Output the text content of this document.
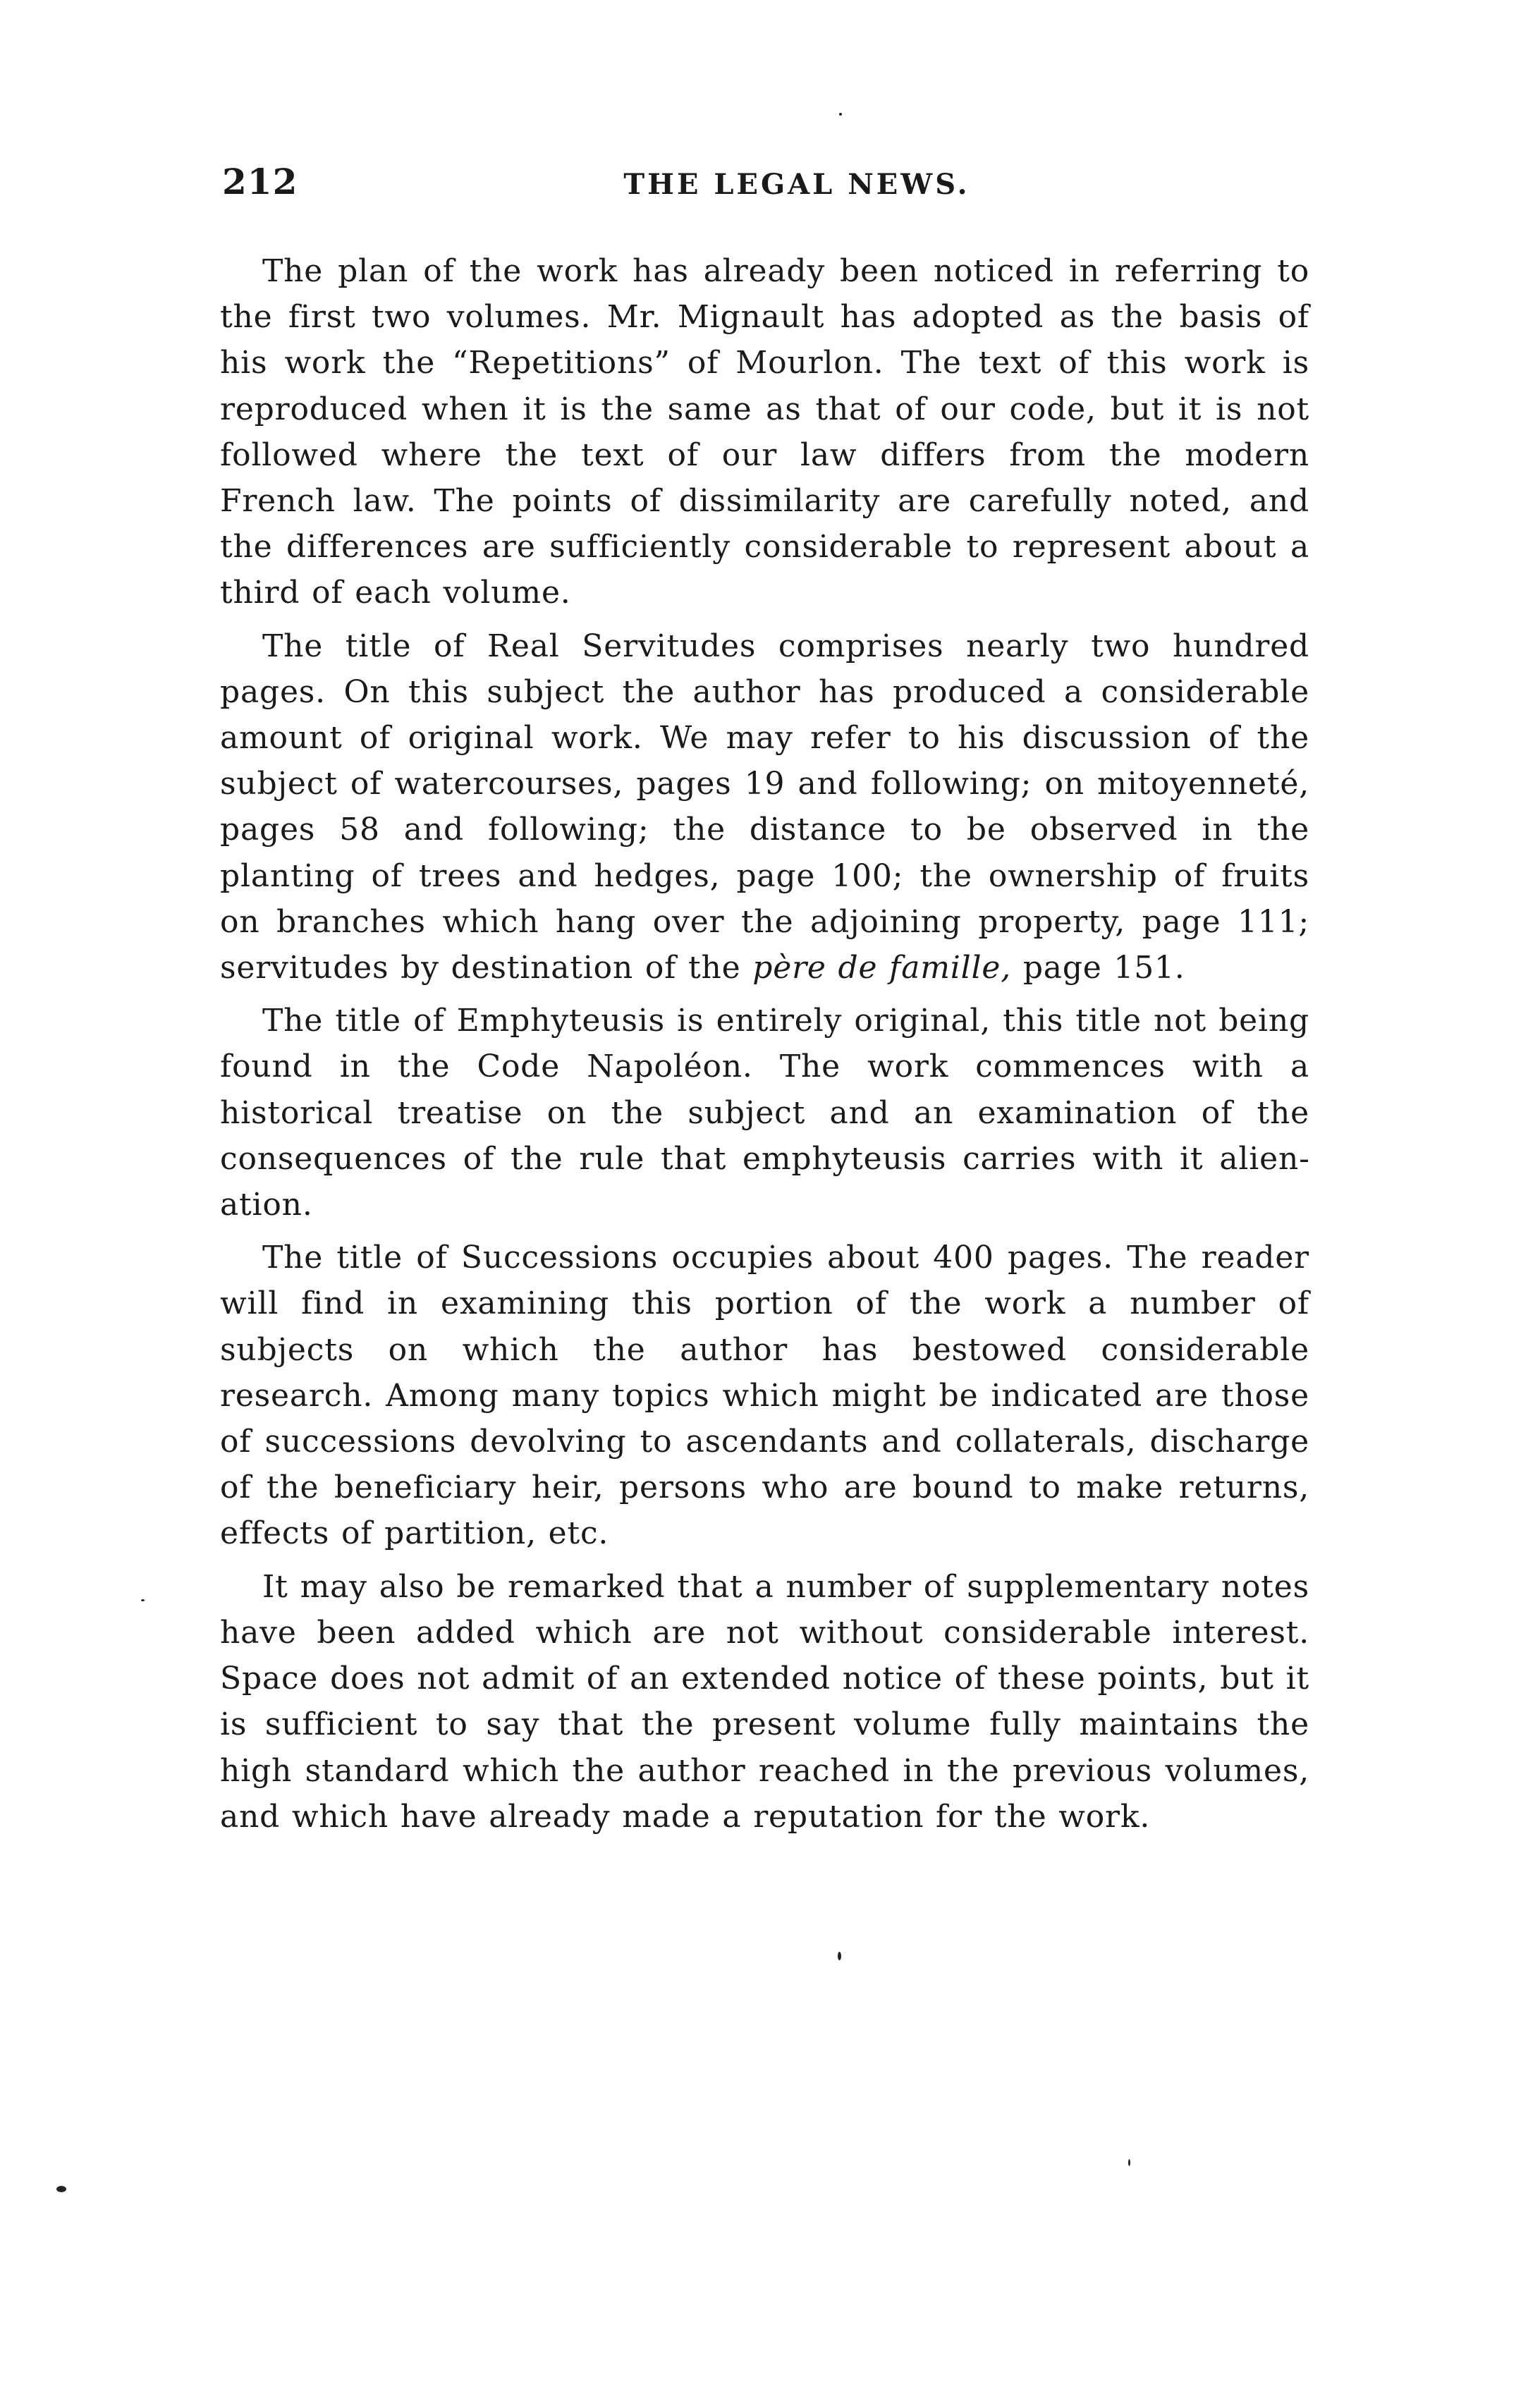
212	THE LEGAL NEWS.

The plan of the work has already been noticed in referring to the first two volumes. Mr. Mignault has adopted as the basis of his work the “Repetitions” of Mourlon. The text of this work is reproduced when it is the same as that of our code, but it is not followed where the text of our law differs from the modern French law. The points of dissimilarity are carefully noted, and the differences are sufficiently considerable to represent about a third of each volume.

The title of Real Servitudes comprises nearly two hundred pages. On this subject the author has produced a considerable amount of original work. We may refer to his discussion of the subject of watercourses, pages 19 and following; on mitoyenneté, pages 58 and following; the distance to be observed in the planting of trees and hedges, page 100; the ownership of fruits on branches which hang over the adjoining property, page 111; servitudes by destination of the père de famille, page 151.

The title of Emphyteusis is entirely original, this title not being found in the Code Napoléon. The work commences with a historical treatise on the subject and an examination of the consequences of the rule that emphyteusis carries with it alienation.

The title of Successions occupies about 400 pages. The reader will find in examining this portion of the work a number of subjects on which the author has bestowed considerable research. Among many topics which might be indicated are those of successions devolving to ascendants and collaterals, discharge of the beneficiary heir, persons who are bound to make returns, effects of partition, etc.

It may also be remarked that a number of supplementary notes have been added which are not without considerable interest. Space does not admit of an extended notice of these points, but it is sufficient to say that the present volume fully maintains the high standard which the author reached in the previous volumes, and which have already made a reputation for the work.
